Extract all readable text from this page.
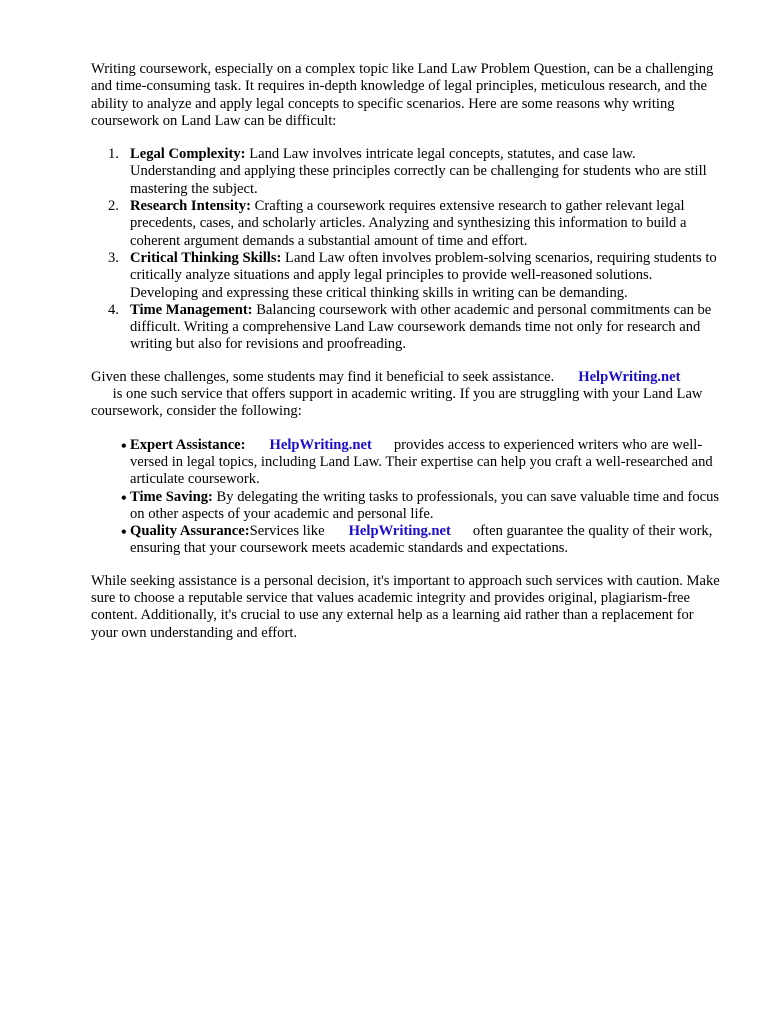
Writing coursework, especially on a complex topic like Land Law Problem Question, can be a challenging and time-consuming task. It requires in-depth knowledge of legal principles, meticulous research, and the ability to analyze and apply legal concepts to specific scenarios. Here are some reasons why writing coursework on Land Law can be difficult:

1. Legal Complexity: Land Law involves intricate legal concepts, statutes, and case law. Understanding and applying these principles correctly can be challenging for students who are still mastering the subject.
2. Research Intensity: Crafting a coursework requires extensive research to gather relevant legal precedents, cases, and scholarly articles. Analyzing and synthesizing this information to build a coherent argument demands a substantial amount of time and effort.
3. Critical Thinking Skills: Land Law often involves problem-solving scenarios, requiring students to critically analyze situations and apply legal principles to provide well-reasoned solutions. Developing and expressing these critical thinking skills in writing can be demanding.
4. Time Management: Balancing coursework with other academic and personal commitments can be difficult. Writing a comprehensive Land Law coursework demands time not only for research and writing but also for revisions and proofreading.

Given these challenges, some students may find it beneficial to seek assistance. HelpWriting.net
is one such service that offers support in academic writing. If you are struggling with your Land Law coursework, consider the following:

• Expert Assistance: HelpWriting.net provides access to experienced writers who are well-versed in legal topics, including Land Law. Their expertise can help you craft a well-researched and articulate coursework.
• Time Saving: By delegating the writing tasks to professionals, you can save valuable time and focus on other aspects of your academic and personal life.
• Quality Assurance:Services like HelpWriting.net often guarantee the quality of their work, ensuring that your coursework meets academic standards and expectations.

While seeking assistance is a personal decision, it's important to approach such services with caution. Make sure to choose a reputable service that values academic integrity and provides original, plagiarism-free content. Additionally, it's crucial to use any external help as a learning aid rather than a replacement for your own understanding and effort.
